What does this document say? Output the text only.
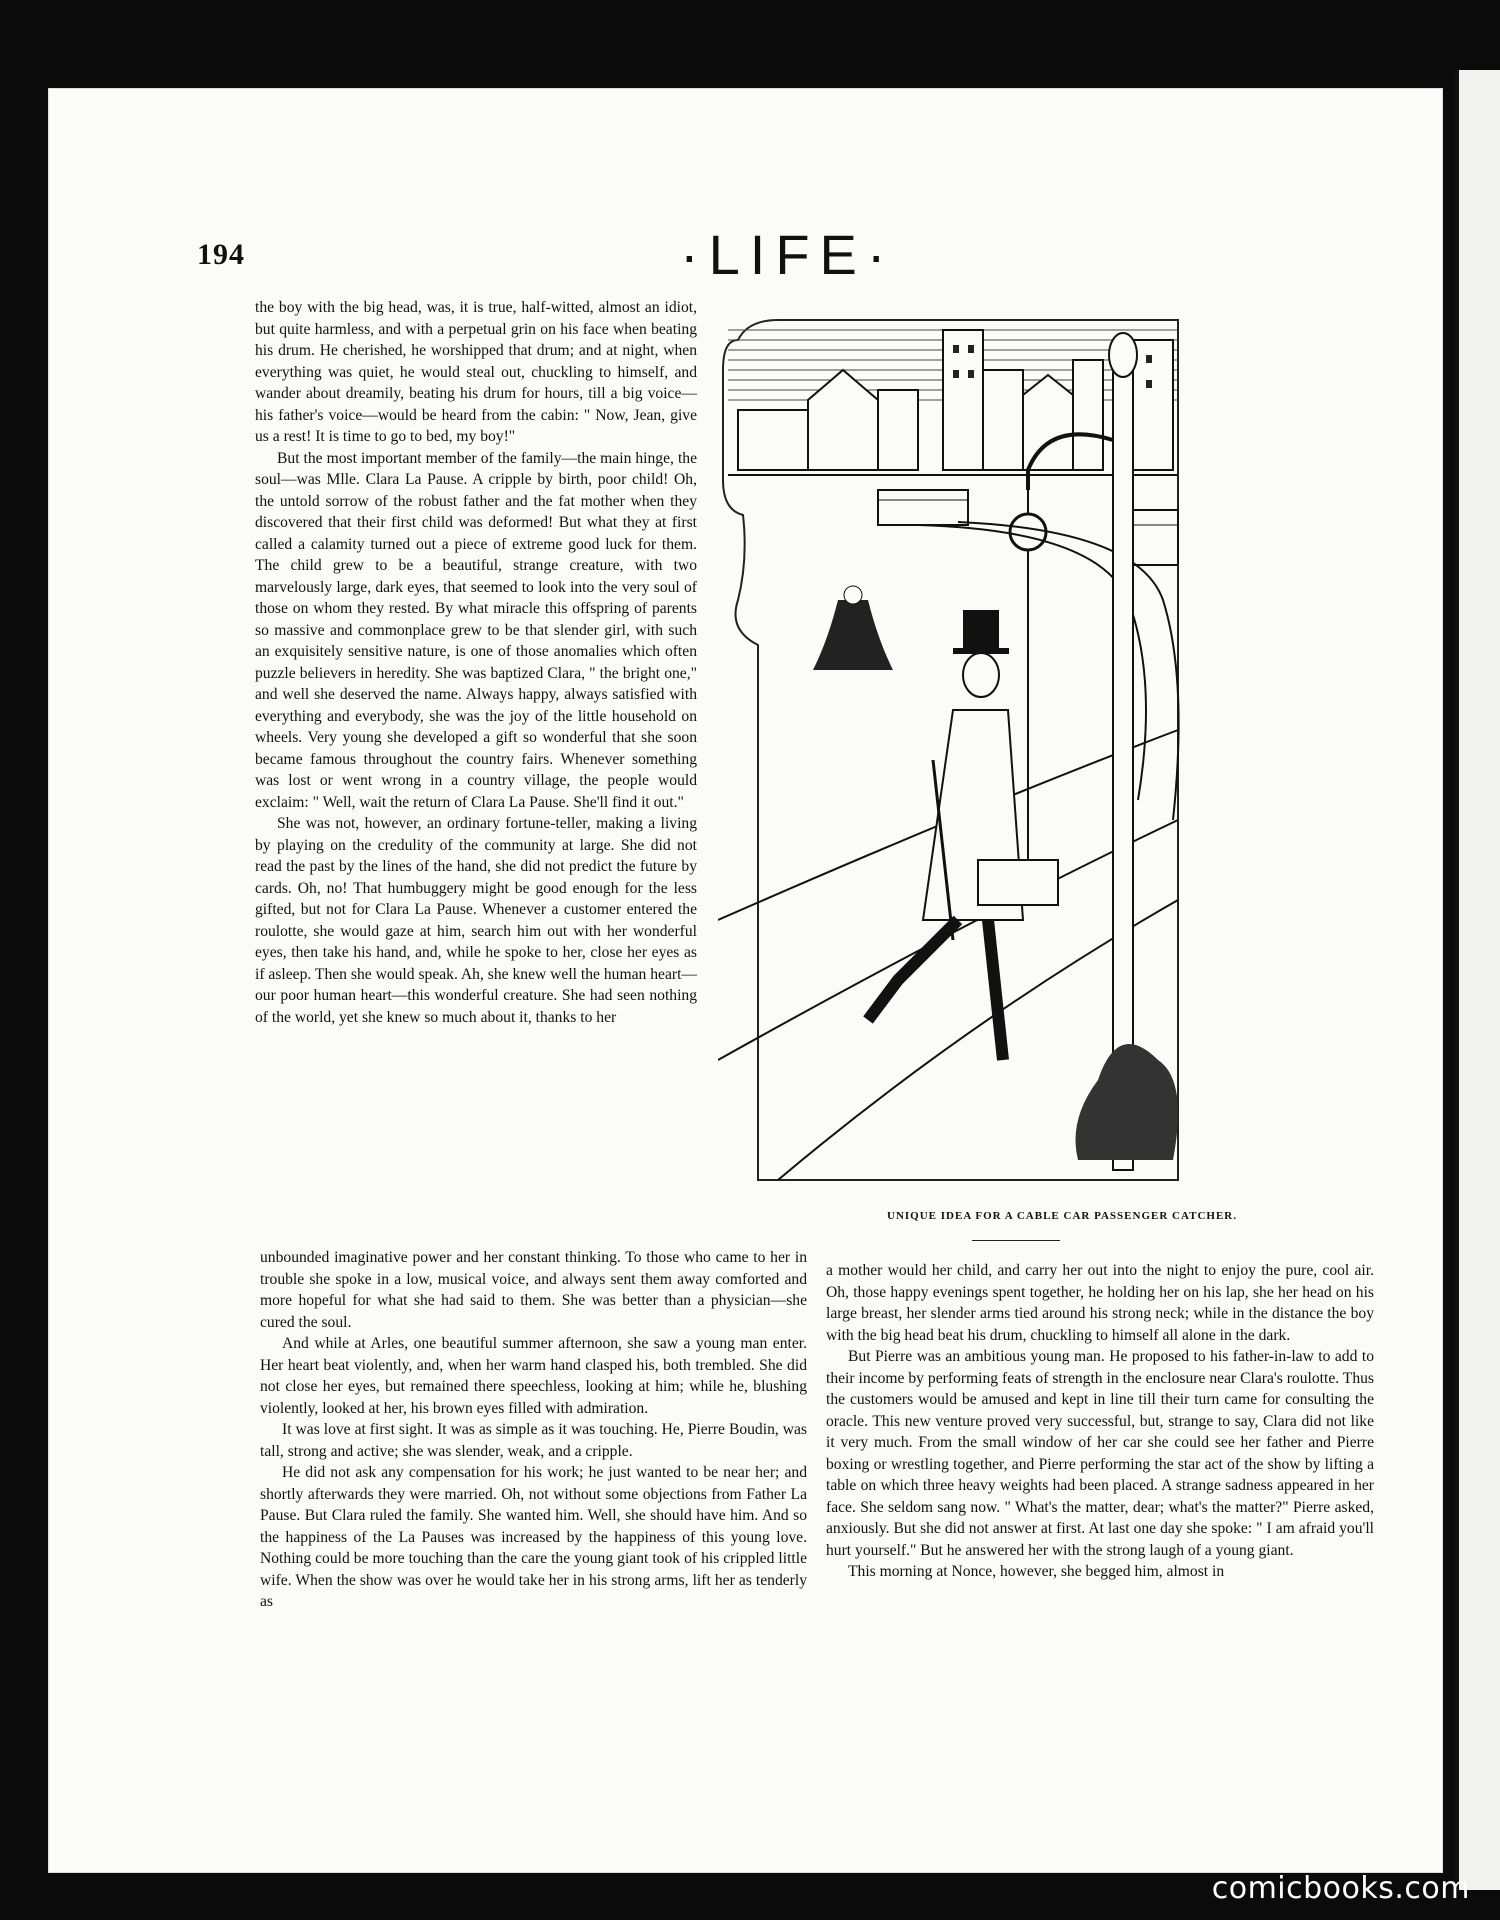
194	·LIFE·

the boy with the big head, was, it is true, half-witted, almost an idiot, but quite harmless, and with a perpetual grin on his face when beating his drum. He cherished, he worshipped that drum; and at night, when everything was quiet, he would steal out, chuckling to himself, and wander about dreamily, beating his drum for hours, till a big voice—his father's voice—would be heard from the cabin: " Now, Jean, give us a rest! It is time to go to bed, my boy!"

But the most important member of the family—the main hinge, the soul—was Mlle. Clara La Pause. A cripple by birth, poor child! Oh, the untold sorrow of the robust father and the fat mother when they discovered that their first child was deformed! But what they at first called a calamity turned out a piece of extreme good luck for them. The child grew to be a beautiful, strange creature, with two marvelously large, dark eyes, that seemed to look into the very soul of those on whom they rested. By what miracle this offspring of parents so massive and commonplace grew to be that slender girl, with such an exquisitely sensitive nature, is one of those anomalies which often puzzle believers in heredity. She was baptized Clara, " the bright one," and well she deserved the name. Always happy, always satisfied with everything and everybody, she was the joy of the little household on wheels. Very young she developed a gift so wonderful that she soon became famous throughout the country fairs. Whenever something was lost or went wrong in a country village, the people would exclaim: " Well, wait the return of Clara La Pause. She'll find it out."

She was not, however, an ordinary fortune-teller, making a living by playing on the credulity of the community at large. She did not read the past by the lines of the hand, she did not predict the future by cards. Oh, no! That humbuggery might be good enough for the less gifted, but not for Clara La Pause. Whenever a customer entered the roulotte, she would gaze at him, search him out with her wonderful eyes, then take his hand, and, while he spoke to her, close her eyes as if asleep. Then she would speak. Ah, she knew well the human heart—our poor human heart—this wonderful creature. She had seen nothing of the world, yet she knew so much about it, thanks to her

UNIQUE IDEA FOR A CABLE CAR PASSENGER CATCHER.

unbounded imaginative power and her constant thinking. To those who came to her in trouble she spoke in a low, musical voice, and always sent them away comforted and more hopeful for what she had said to them. She was better than a physician—she cured the soul.

And while at Arles, one beautiful summer afternoon, she saw a young man enter. Her heart beat violently, and, when her warm hand clasped his, both trembled. She did not close her eyes, but remained there speechless, looking at him; while he, blushing violently, looked at her, his brown eyes filled with admiration.

It was love at first sight. It was as simple as it was touching. He, Pierre Boudin, was tall, strong and active; she was slender, weak, and a cripple.

He did not ask any compensation for his work; he just wanted to be near her; and shortly afterwards they were married. Oh, not without some objections from Father La Pause. But Clara ruled the family. She wanted him. Well, she should have him. And so the happiness of the La Pauses was increased by the happiness of this young love. Nothing could be more touching than the care the young giant took of his crippled little wife. When the show was over he would take her in his strong arms, lift her as tenderly as

a mother would her child, and carry her out into the night to enjoy the pure, cool air. Oh, those happy evenings spent together, he holding her on his lap, she her head on his large breast, her slender arms tied around his strong neck; while in the distance the boy with the big head beat his drum, chuckling to himself all alone in the dark.

But Pierre was an ambitious young man. He proposed to his father-in-law to add to their income by performing feats of strength in the enclosure near Clara's roulotte. Thus the customers would be amused and kept in line till their turn came for consulting the oracle. This new venture proved very successful, but, strange to say, Clara did not like it very much. From the small window of her car she could see her father and Pierre boxing or wrestling together, and Pierre performing the star act of the show by lifting a table on which three heavy weights had been placed. A strange sadness appeared in her face. She seldom sang now. " What's the matter, dear; what's the matter?" Pierre asked, anxiously. But she did not answer at first. At last one day she spoke: " I am afraid you'll hurt yourself." But he answered her with the strong laugh of a young giant.

This morning at Nonce, however, she begged him, almost in

comicbooks.com
